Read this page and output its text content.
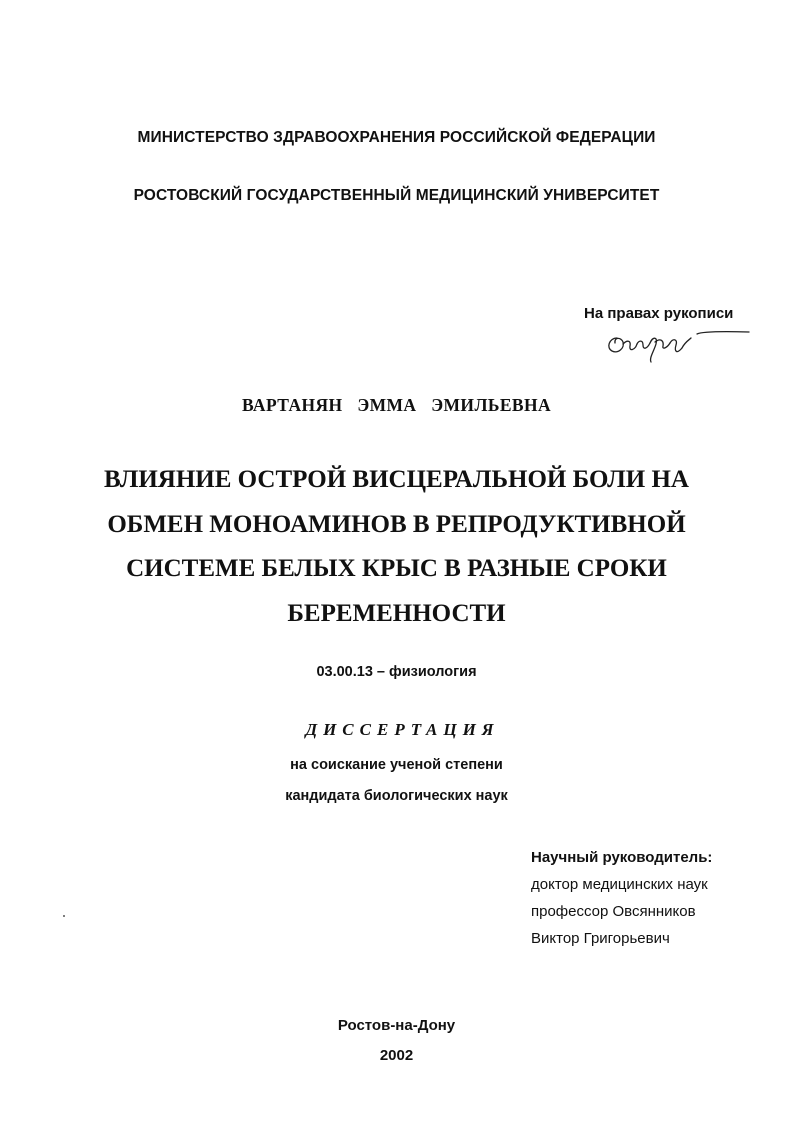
МИНИСТЕРСТВО ЗДРАВООХРАНЕНИЯ РОССИЙСКОЙ ФЕДЕРАЦИИ
РОСТОВСКИЙ ГОСУДАРСТВЕННЫЙ МЕДИЦИНСКИЙ УНИВЕРСИТЕТ
На правах рукописи
ВАРТАНЯН ЭММА ЭМИЛЬЕВНА
ВЛИЯНИЕ ОСТРОЙ ВИСЦЕРАЛЬНОЙ БОЛИ НА
ОБМЕН МОНОАМИНОВ В РЕПРОДУКТИВНОЙ
СИСТЕМЕ БЕЛЫХ КРЫС В РАЗНЫЕ СРОКИ
БЕРЕМЕННОСТИ
03.00.13 – физиология
ДИССЕРТАЦИЯ
на соискание ученой степени
кандидата биологических наук
Научный руководитель:
доктор медицинских наук
профессор Овсянников
Виктор Григорьевич
Ростов-на-Дону
2002
